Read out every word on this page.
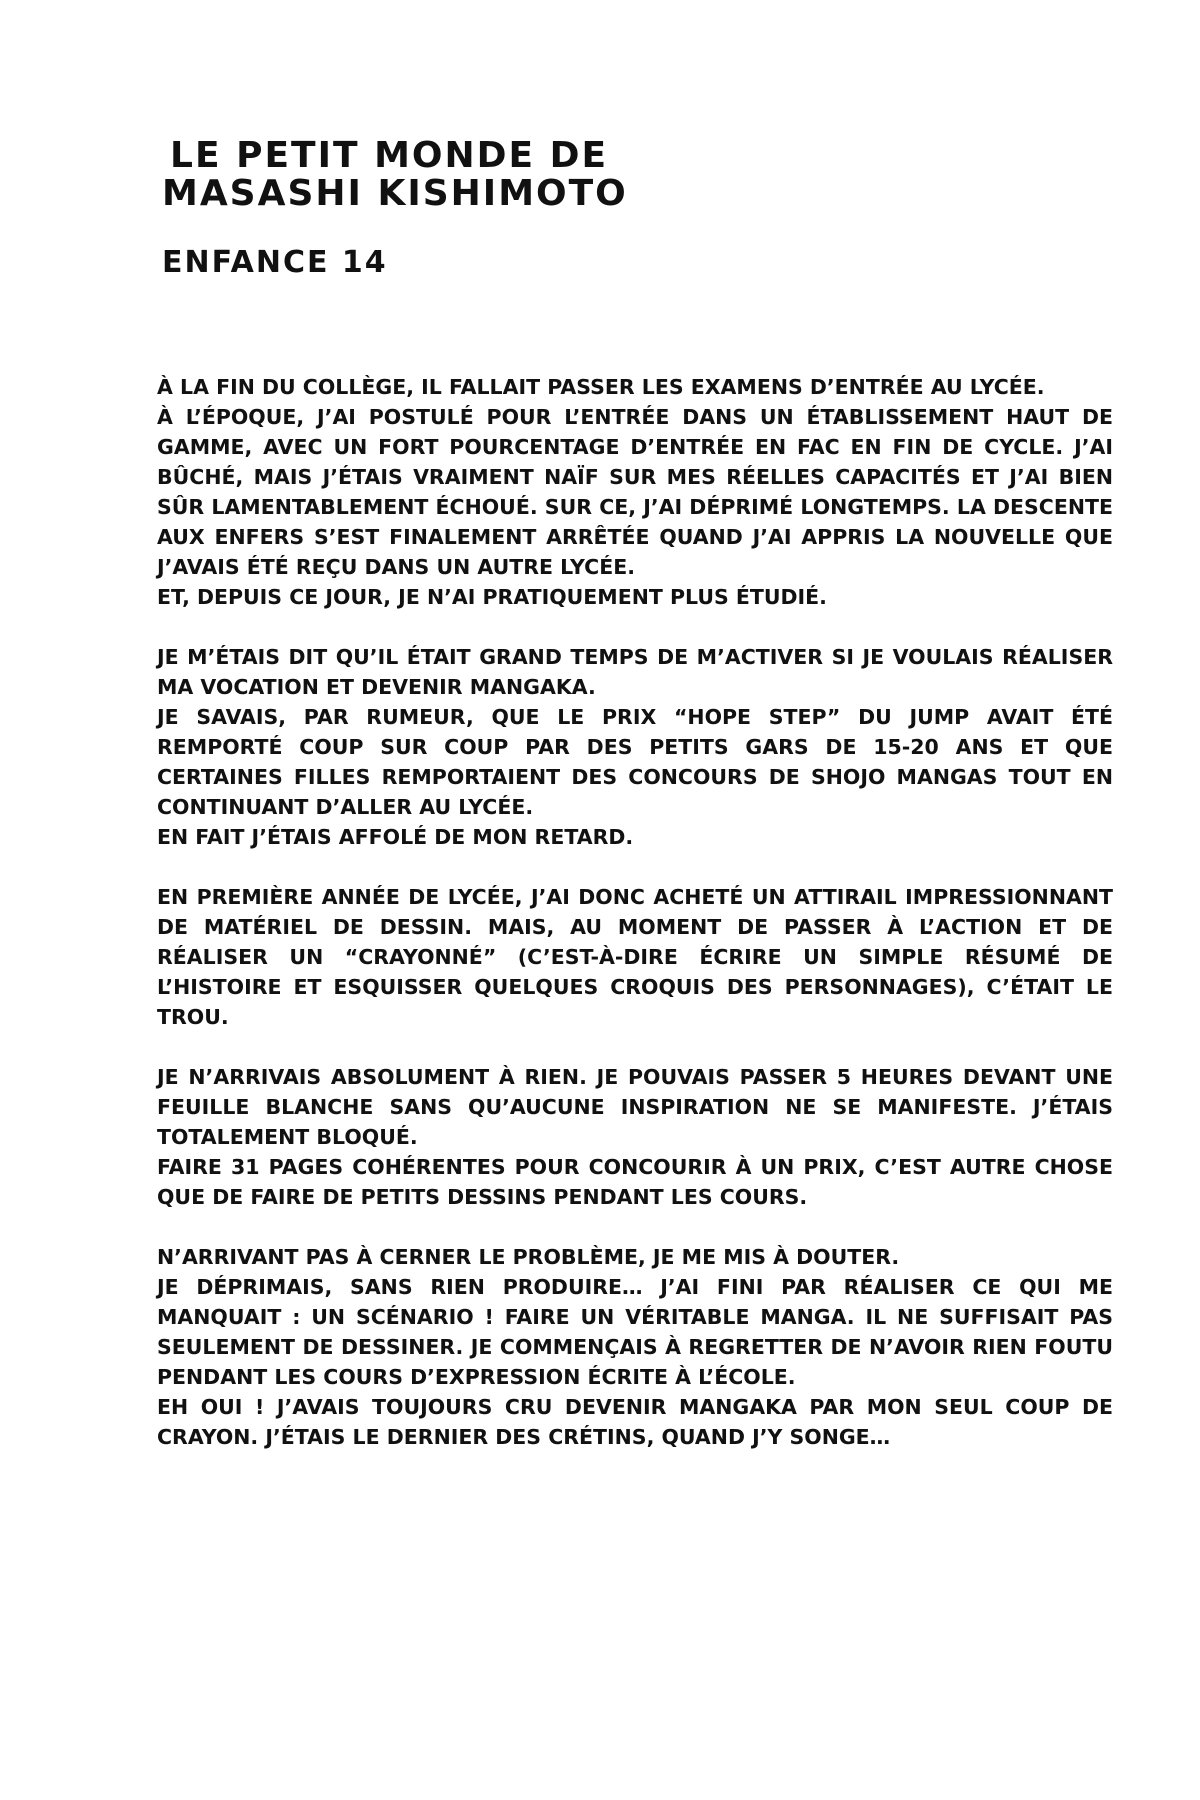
LE PETIT MONDE DE
MASASHI KISHIMOTO
ENFANCE 14
À LA FIN DU COLLÈGE, IL FALLAIT PASSER LES EXAMENS D’ENTRÉE AU LYCÉE.
À L’ÉPOQUE, J’AI POSTULÉ POUR L’ENTRÉE DANS UN ÉTABLISSEMENT HAUT DE GAMME, AVEC UN FORT POURCENTAGE D’ENTRÉE EN FAC EN FIN DE CYCLE. J’AI BÛCHÉ, MAIS J’ÉTAIS VRAIMENT NAÏF SUR MES RÉELLES CAPACITÉS ET J’AI BIEN SÛR LAMENTABLEMENT ÉCHOUÉ. SUR CE, J’AI DÉPRIMÉ LONGTEMPS. LA DESCENTE AUX ENFERS S’EST FINALEMENT ARRÊTÉE QUAND J’AI APPRIS LA NOUVELLE QUE J’AVAIS ÉTÉ REÇU DANS UN AUTRE LYCÉE.
ET, DEPUIS CE JOUR, JE N’AI PRATIQUEMENT PLUS ÉTUDIÉ.
JE M’ÉTAIS DIT QU’IL ÉTAIT GRAND TEMPS DE M’ACTIVER SI JE VOULAIS RÉALISER MA VOCATION ET DEVENIR MANGAKA.
JE SAVAIS, PAR RUMEUR, QUE LE PRIX “HOPE STEP” DU JUMP AVAIT ÉTÉ REMPORTÉ COUP SUR COUP PAR DES PETITS GARS DE 15-20 ANS ET QUE CERTAINES FILLES REMPORTAIENT DES CONCOURS DE SHOJO MANGAS TOUT EN CONTINUANT D’ALLER AU LYCÉE.
EN FAIT J’ÉTAIS AFFOLÉ DE MON RETARD.
EN PREMIÈRE ANNÉE DE LYCÉE, J’AI DONC ACHETÉ UN ATTIRAIL IMPRESSIONNANT DE MATÉRIEL DE DESSIN. MAIS, AU MOMENT DE PASSER À L’ACTION ET DE RÉALISER UN “CRAYONNÉ” (C’EST-À-DIRE ÉCRIRE UN SIMPLE RÉSUMÉ DE L’HISTOIRE ET ESQUISSER QUELQUES CROQUIS DES PERSONNAGES), C’ÉTAIT LE TROU.
JE N’ARRIVAIS ABSOLUMENT À RIEN. JE POUVAIS PASSER 5 HEURES DEVANT UNE FEUILLE BLANCHE SANS QU’AUCUNE INSPIRATION NE SE MANIFESTE. J’ÉTAIS TOTALEMENT BLOQUÉ.
FAIRE 31 PAGES COHÉRENTES POUR CONCOURIR À UN PRIX, C’EST AUTRE CHOSE QUE DE FAIRE DE PETITS DESSINS PENDANT LES COURS.
N’ARRIVANT PAS À CERNER LE PROBLÈME, JE ME MIS À DOUTER.
JE DÉPRIMAIS, SANS RIEN PRODUIRE… J’AI FINI PAR RÉALISER CE QUI ME MANQUAIT : UN SCÉNARIO ! FAIRE UN VÉRITABLE MANGA. IL NE SUFFISAIT PAS SEULEMENT DE DESSINER. JE COMMENÇAIS À REGRETTER DE N’AVOIR RIEN FOUTU PENDANT LES COURS D’EXPRESSION ÉCRITE À L’ÉCOLE.
EH OUI ! J’AVAIS TOUJOURS CRU DEVENIR MANGAKA PAR MON SEUL COUP DE CRAYON. J’ÉTAIS LE DERNIER DES CRÉTINS, QUAND J’Y SONGE…
